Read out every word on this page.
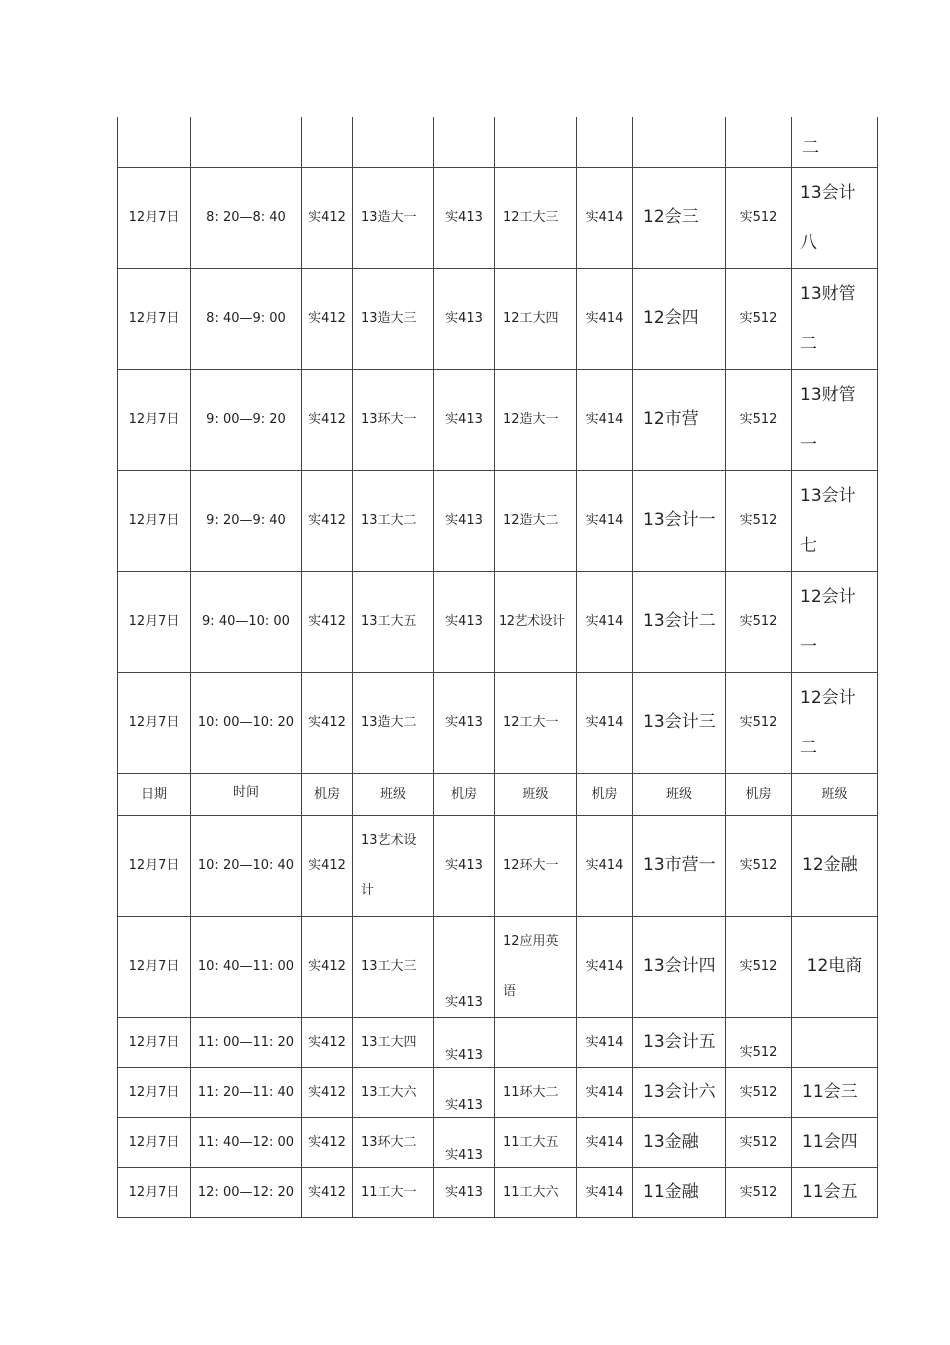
									二
12月7日	8: 20—8: 40	实412	13造大一	实413	12工大三	实414	12会三	实512	13会计
八

12月7日	8: 40—9: 00	实412	13造大三	实413	12工大四	实414	12会四	实512	13财管
二

12月7日	9: 00—9: 20	实412	13环大一	实413	12造大一	实414	12市营	实512	13财管
一

12月7日	9: 20—9: 40	实412	13工大二	实413	12造大二	实414	13会计一	实512	13会计
七

12月7日	9: 40—10: 00	实412	13工大五	实413	12艺术设计	实414	13会计二	实512	12会计
一

12月7日	10: 00—10: 20	实412	13造大二	实413	12工大一	实414	13会计三	实512	12会计
二

日期	时间	机房	班级	机房	班级	机房	班级	机房	班级
12月7日	10: 20—10: 40	实412	13艺术设
计	实413	12环大一	实414	13市营一	实512	12金融
12月7日	10: 40—11: 00	实412	13工大三	实413	12应用英
语	实414	13会计四	实512	12电商
12月7日	11: 00—11: 20	实412	13工大四	实413		实414	13会计五	实512	

12月7日	11: 20—11: 40	实412	13工大六	实413	11环大二	实414	13会计六	实512	11会三
12月7日	11: 40—12: 00	实412	13环大二	实413	11工大五	实414	13金融	实512	11会四
12月7日	12: 00—12: 20	实412	11工大一	实413	11工大六	实414	11金融	实512	11会五
